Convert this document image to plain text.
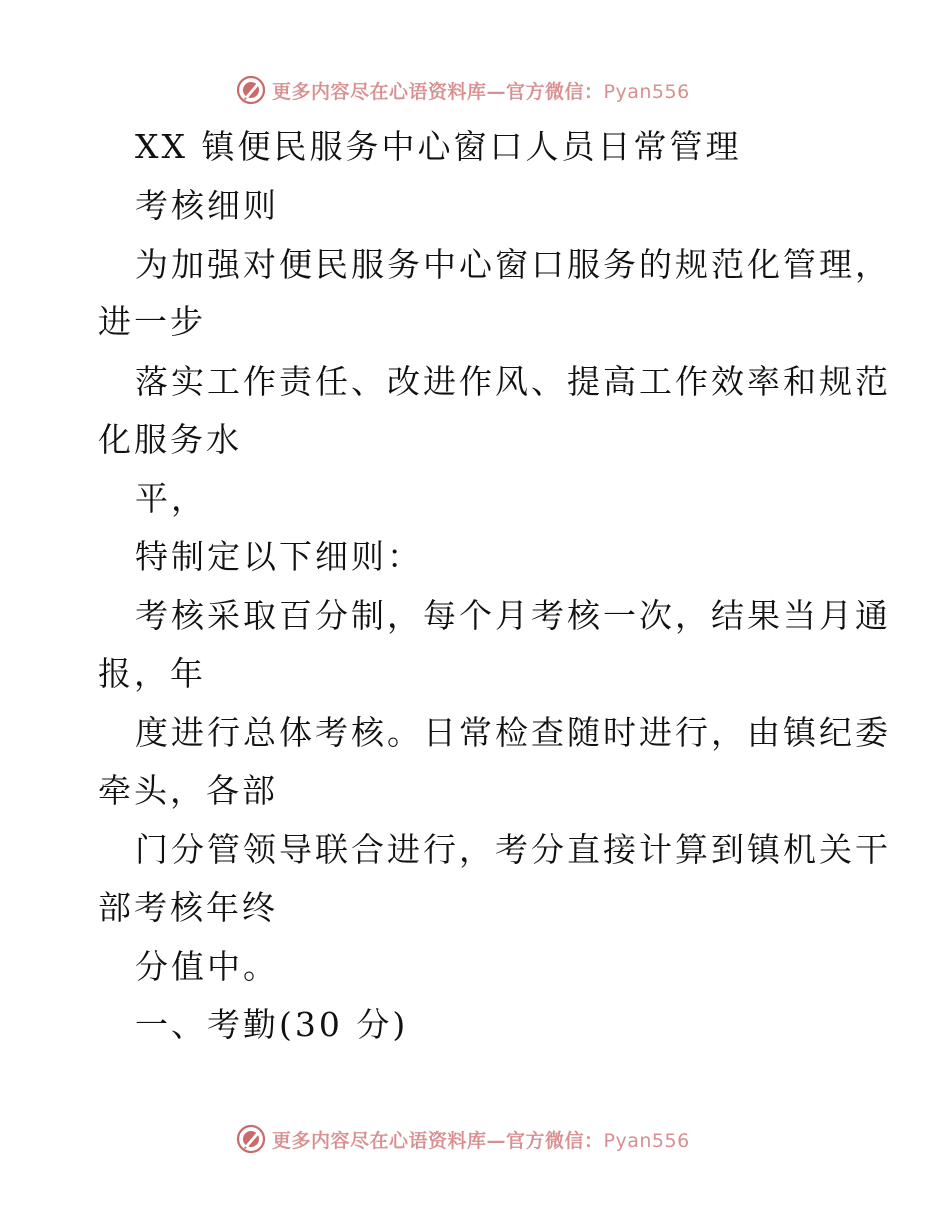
更多内容尽在心语资料库—官方微信：Pyan556
XX 镇便民服务中心窗口人员日常管理
考核细则
为加强对便民服务中心窗口服务的规范化管理，
进一步
落实工作责任、改进作风、提高工作效率和规范
化服务水
平，
特制定以下细则：
考核采取百分制，每个月考核一次，结果当月通
报，年
度进行总体考核。日常检查随时进行，由镇纪委
牵头，各部
门分管领导联合进行，考分直接计算到镇机关干
部考核年终
分值中。
一、考勤(30 分)
更多内容尽在心语资料库—官方微信：Pyan556
